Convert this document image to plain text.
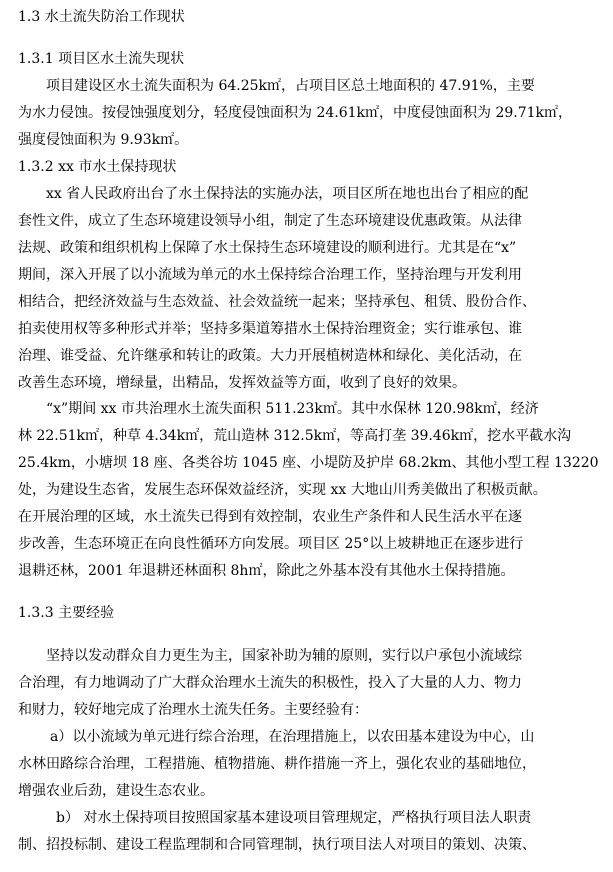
1.3 水土流失防治工作现状
1.3.1 项目区水土流失现状
项目建设区水土流失面积为 64.25k㎡，占项目区总土地面积的 47.91%，主要
为水力侵蚀。按侵蚀强度划分，轻度侵蚀面积为 24.61k㎡，中度侵蚀面积为 29.71k㎡，
强度侵蚀面积为 9.93k㎡。
1.3.2 xx 市水土保持现状
xx 省人民政府出台了水土保持法的实施办法，项目区所在地也出台了相应的配
套性文件，成立了生态环境建设领导小组，制定了生态环境建设优惠政策。从法律
法规、政策和组织机构上保障了水土保持生态环境建设的顺利进行。尤其是在“x”
期间，深入开展了以小流域为单元的水土保持综合治理工作，坚持治理与开发利用
相结合，把经济效益与生态效益、社会效益统一起来；坚持承包、租赁、股份合作、
拍卖使用权等多种形式并举；坚持多渠道筹措水土保持治理资金；实行谁承包、谁
治理、谁受益、允许继承和转让的政策。大力开展植树造林和绿化、美化活动，在
改善生态环境，增绿量，出精品，发挥效益等方面，收到了良好的效果。
“x”期间 xx 市共治理水土流失面积 511.23k㎡。其中水保林 120.98k㎡，经济
林 22.51k㎡，种草 4.34k㎡，荒山造林 312.5k㎡，等高打垄 39.46k㎡，挖水平截水沟
25.4km，小塘坝 18 座、各类谷坊 1045 座、小堤防及护岸 68.2km、其他小型工程 13220
处，为建设生态省，发展生态环保效益经济，实现 xx 大地山川秀美做出了积极贡献。
在开展治理的区域，水土流失已得到有效控制，农业生产条件和人民生活水平在逐
步改善，生态环境正在向良性循环方向发展。项目区 25°以上坡耕地正在逐步进行
退耕还林，2001 年退耕还林面积 8h㎡，除此之外基本没有其他水土保持措施。
1.3.3 主要经验
坚持以发动群众自力更生为主，国家补助为辅的原则，实行以户承包小流域综
合治理，有力地调动了广大群众治理水土流失的积极性，投入了大量的人力、物力
和财力，较好地完成了治理水土流失任务。主要经验有：
a）以小流域为单元进行综合治理，在治理措施上，以农田基本建设为中心，山
水林田路综合治理，工程措施、植物措施、耕作措施一齐上，强化农业的基础地位，
增强农业后劲，建设生态农业。
b） 对水土保持项目按照国家基本建设项目管理规定，严格执行项目法人职责
制、招投标制、建设工程监理制和合同管理制，执行项目法人对项目的策划、决策、
